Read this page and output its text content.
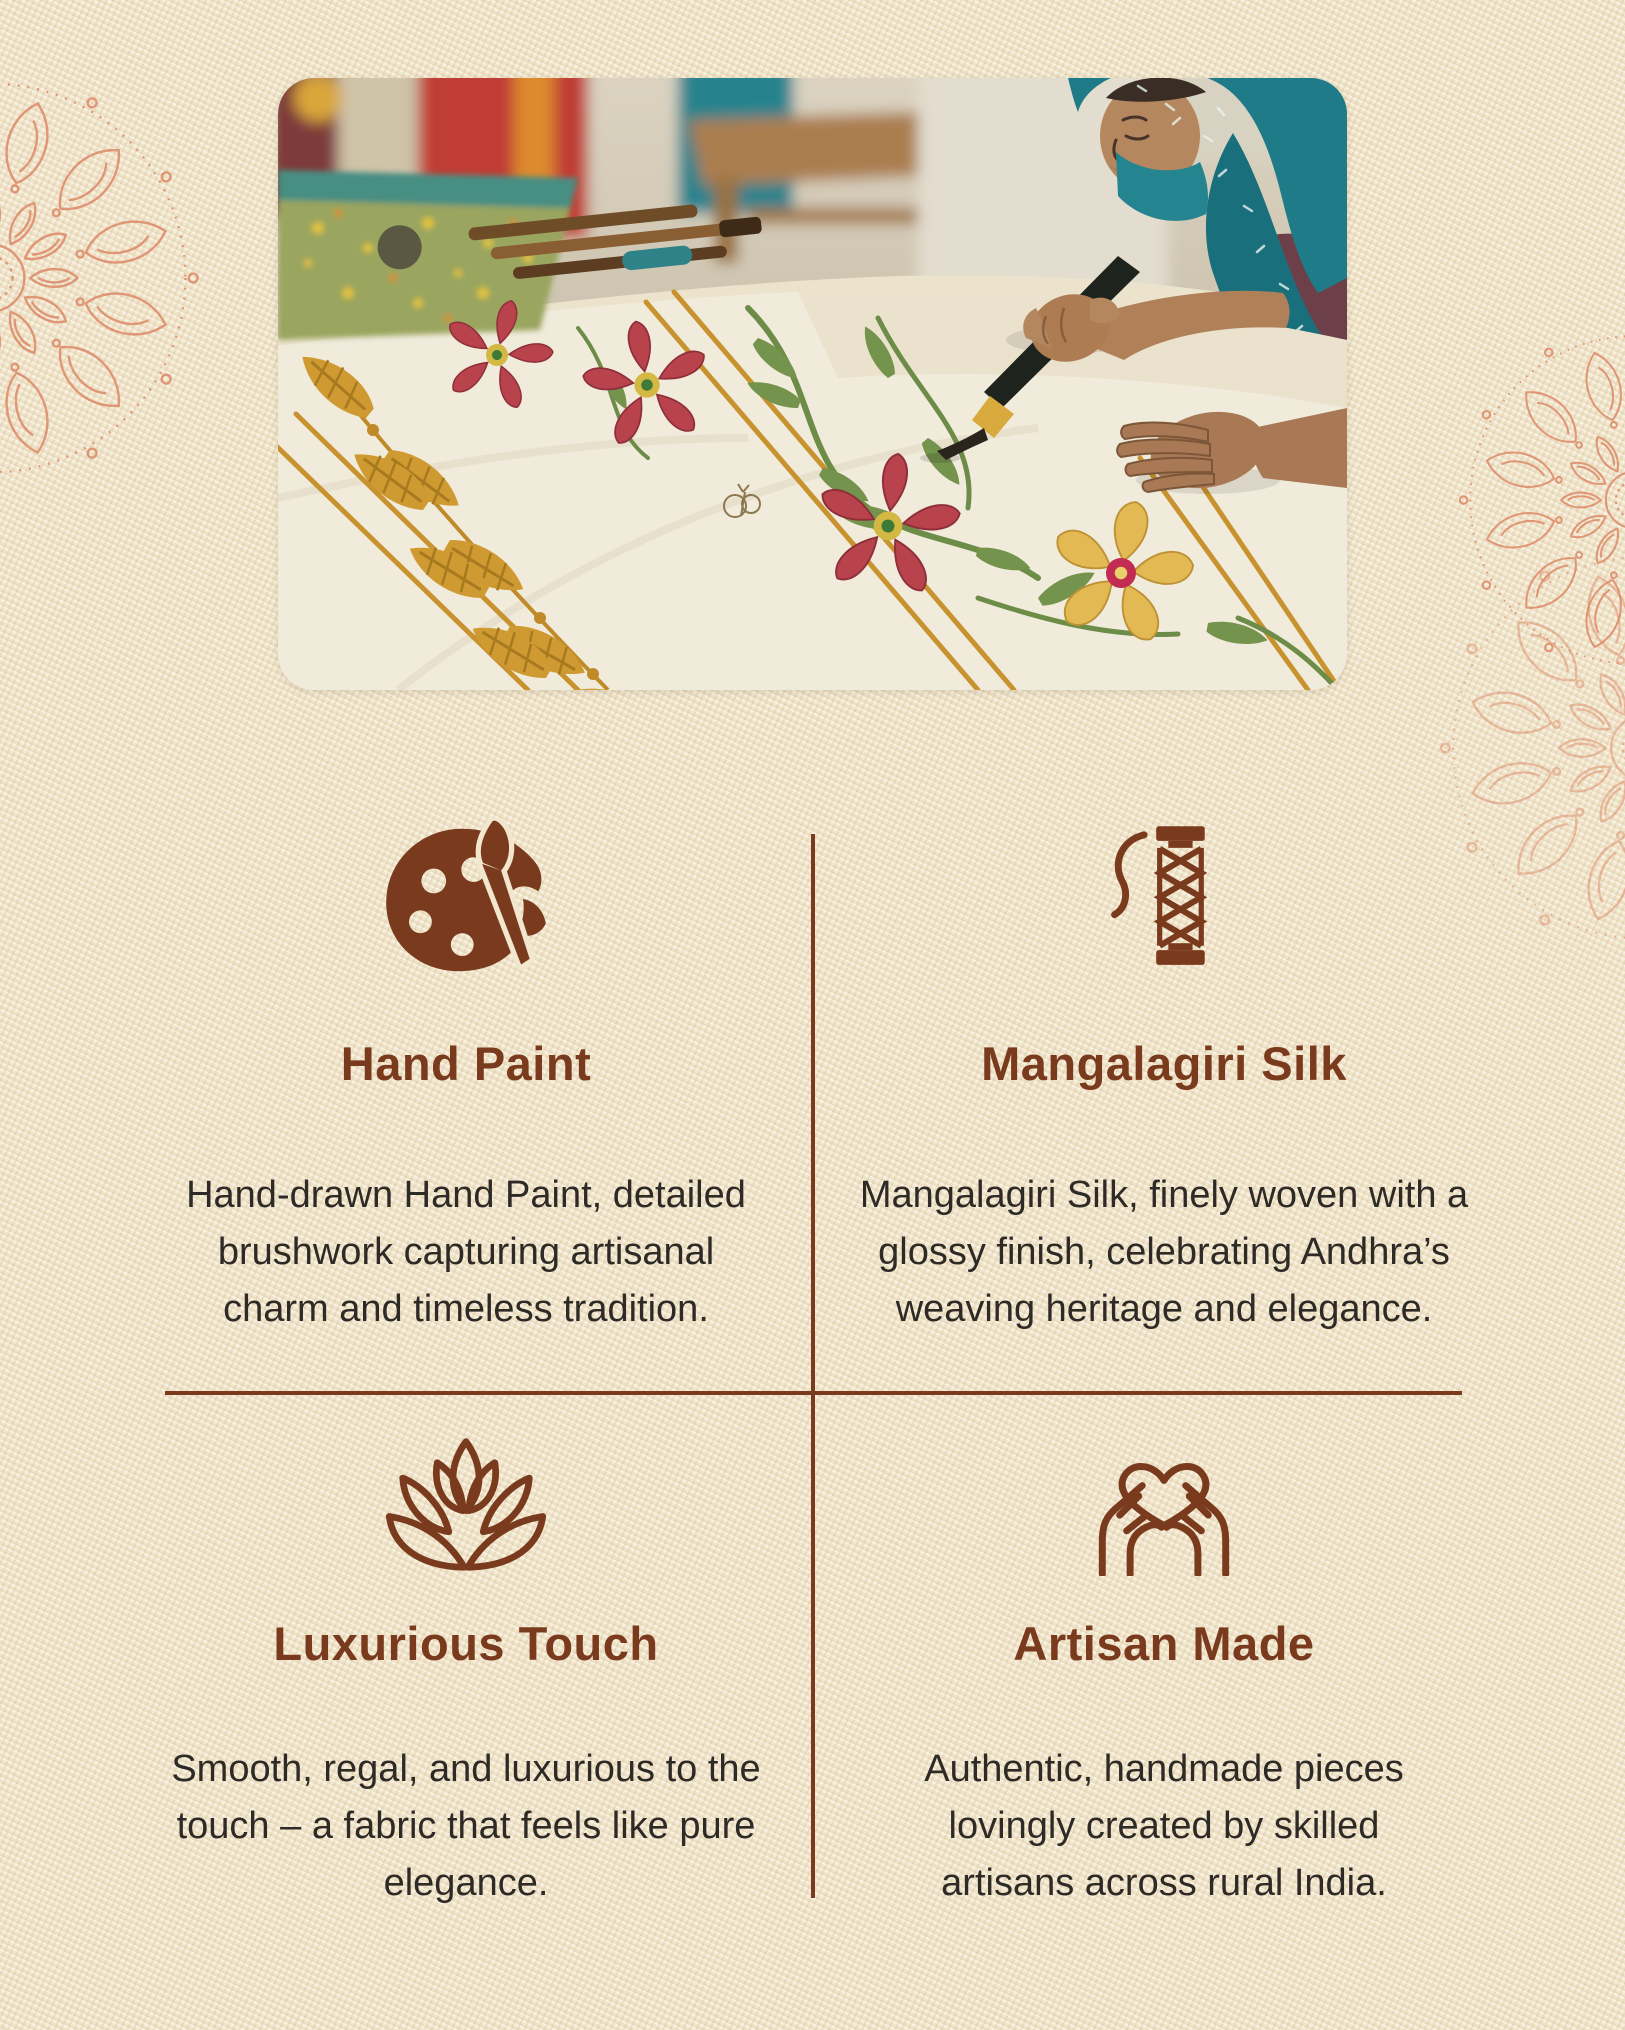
Hand Paint

Hand-drawn Hand Paint, detailed brushwork capturing artisanal charm and timeless tradition.

Mangalagiri Silk

Mangalagiri Silk, finely woven with a glossy finish, celebrating Andhra’s weaving heritage and elegance.

Luxurious Touch

Smooth, regal, and luxurious to the touch – a fabric that feels like pure elegance.

Artisan Made

Authentic, handmade pieces lovingly created by skilled artisans across rural India.
